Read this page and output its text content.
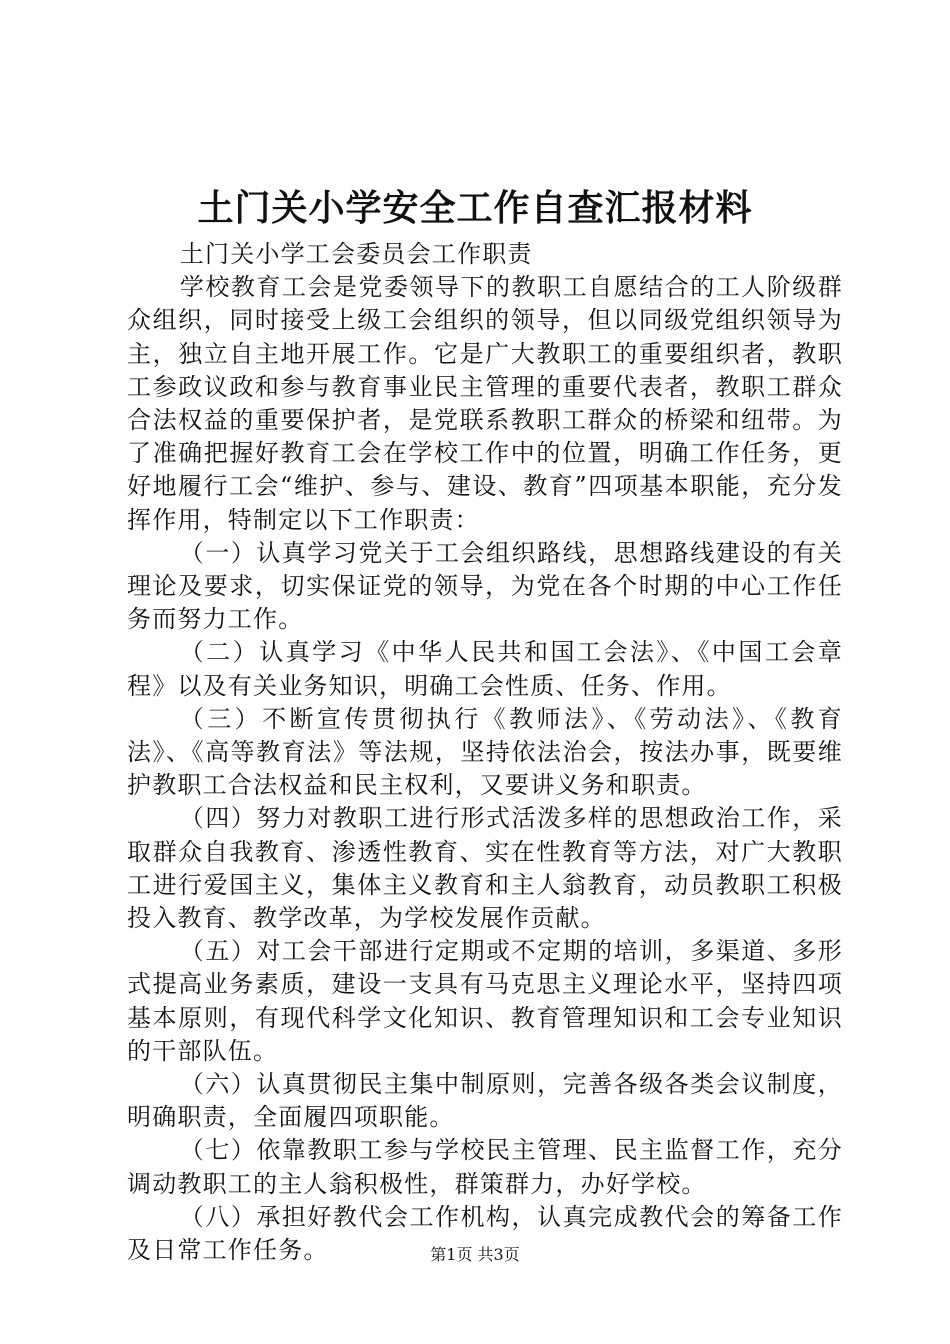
土门关小学安全工作自查汇报材料

土门关小学工会委员会工作职责

学校教育工会是党委领导下的教职工自愿结合的工人阶级群众组织，同时接受上级工会组织的领导，但以同级党组织领导为主，独立自主地开展工作。它是广大教职工的重要组织者，教职工参政议政和参与教育事业民主管理的重要代表者，教职工群众合法权益的重要保护者，是党联系教职工群众的桥梁和纽带。为了准确把握好教育工会在学校工作中的位置，明确工作任务，更好地履行工会“维护、参与、建设、教育”四项基本职能，充分发挥作用，特制定以下工作职责：

（一）认真学习党关于工会组织路线，思想路线建设的有关理论及要求，切实保证党的领导，为党在各个时期的中心工作任务而努力工作。

（二）认真学习《中华人民共和国工会法》、《中国工会章程》以及有关业务知识，明确工会性质、任务、作用。

（三）不断宣传贯彻执行《教师法》、《劳动法》、《教育法》、《高等教育法》等法规，坚持依法治会，按法办事，既要维护教职工合法权益和民主权利，又要讲义务和职责。

（四）努力对教职工进行形式活泼多样的思想政治工作，采取群众自我教育、渗透性教育、实在性教育等方法，对广大教职工进行爱国主义，集体主义教育和主人翁教育，动员教职工积极投入教育、教学改革，为学校发展作贡献。

（五）对工会干部进行定期或不定期的培训，多渠道、多形式提高业务素质，建设一支具有马克思主义理论水平，坚持四项基本原则，有现代科学文化知识、教育管理知识和工会专业知识的干部队伍。

（六）认真贯彻民主集中制原则，完善各级各类会议制度，明确职责，全面履四项职能。

（七）依靠教职工参与学校民主管理、民主监督工作，充分调动教职工的主人翁积极性，群策群力，办好学校。

（八）承担好教代会工作机构，认真完成教代会的筹备工作及日常工作任务。	第1页 共3页
